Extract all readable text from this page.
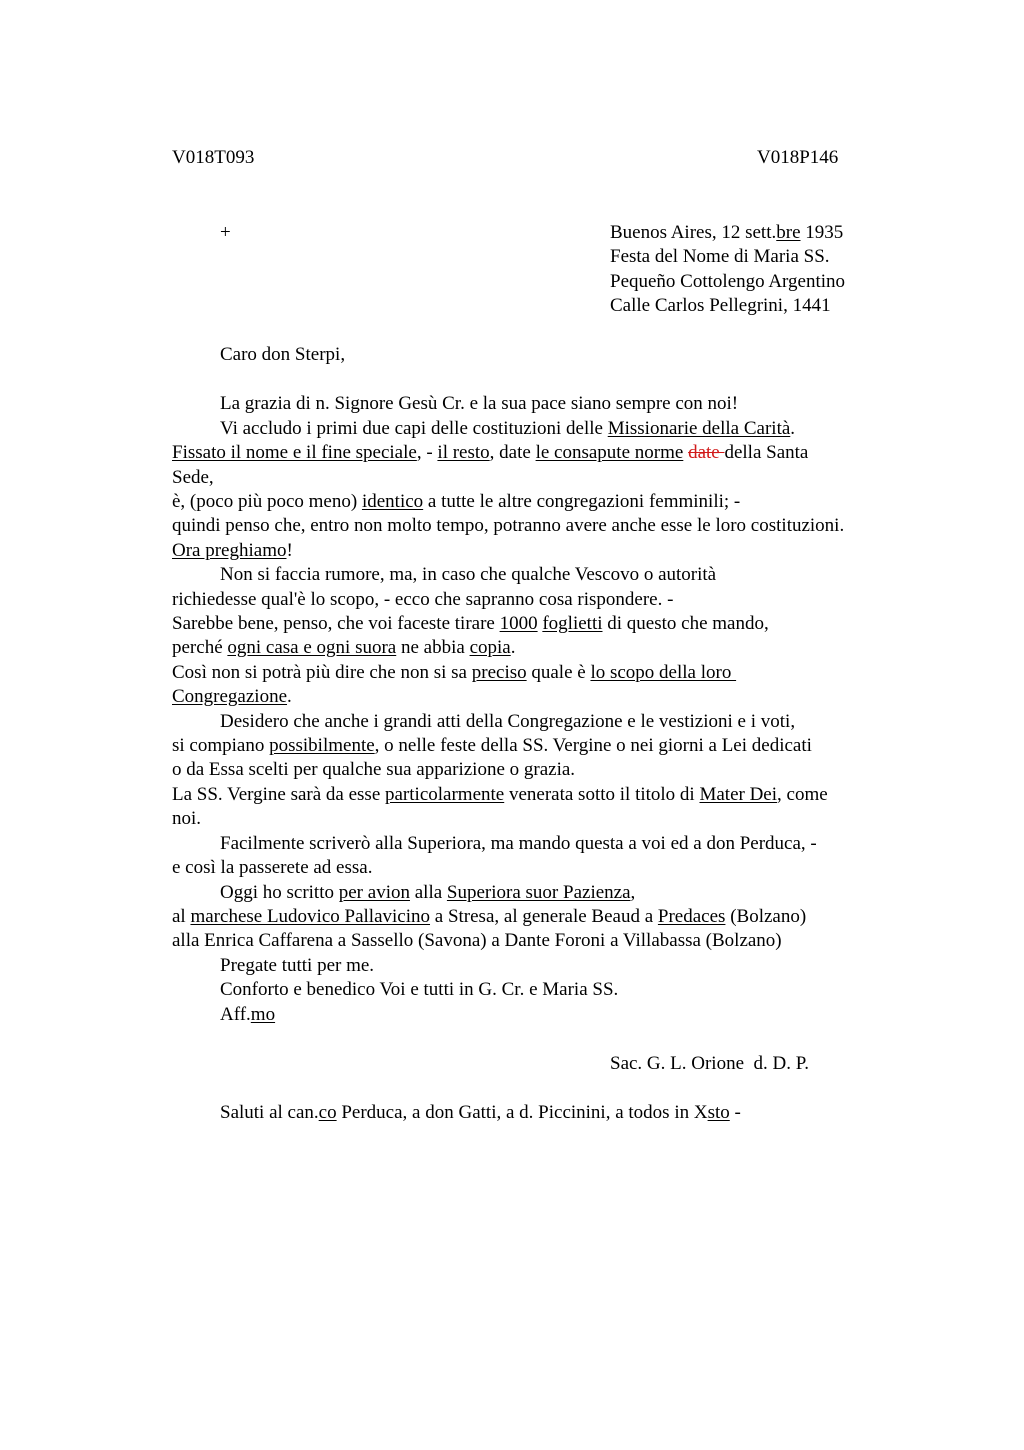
V018T093	V018P146
+	Buenos Aires, 12 sett.bre 1935
Festa del Nome di Maria SS.
Pequeño Cottolengo Argentino
Calle Carlos Pellegrini, 1441
Caro don Sterpi,
La grazia di n. Signore Gesù Cr. e la sua pace siano sempre con noi!
Vi accludo i primi due capi delle costituzioni delle Missionarie della Carità.
Fissato il nome e il fine speciale, - il resto, date le consapute norme date della Santa
Sede,
è, (poco più poco meno) identico a tutte le altre congregazioni femminili; -
quindi penso che, entro non molto tempo, potranno avere anche esse le loro costituzioni.
Ora preghiamo!
Non si faccia rumore, ma, in caso che qualche Vescovo o autorità
richiedesse qual'è lo scopo, - ecco che sapranno cosa rispondere. -
Sarebbe bene, penso, che voi faceste tirare 1000 foglietti di questo che mando,
perché ogni casa e ogni suora ne abbia copia.
Così non si potrà più dire che non si sa preciso quale è lo scopo della loro
Congregazione.
Desidero che anche i grandi atti della Congregazione e le vestizioni e i voti,
si compiano possibilmente, o nelle feste della SS. Vergine o nei giorni a Lei dedicati
o da Essa scelti per qualche sua apparizione o grazia.
La SS. Vergine sarà da esse particolarmente venerata sotto il titolo di Mater Dei, come
noi.
Facilmente scriverò alla Superiora, ma mando questa a voi ed a don Perduca, -
e così la passerete ad essa.
Oggi ho scritto per avion alla Superiora suor Pazienza,
al marchese Ludovico Pallavicino a Stresa, al generale Beaud a Predaces (Bolzano)
alla Enrica Caffarena a Sassello (Savona) a Dante Foroni a Villabassa (Bolzano)
Pregate tutti per me.
Conforto e benedico Voi e tutti in G. Cr. e Maria SS.
Aff.mo
Sac. G. L. Orione  d. D. P.
Saluti al can.co Perduca, a don Gatti, a d. Piccinini, a todos in Xsto -
